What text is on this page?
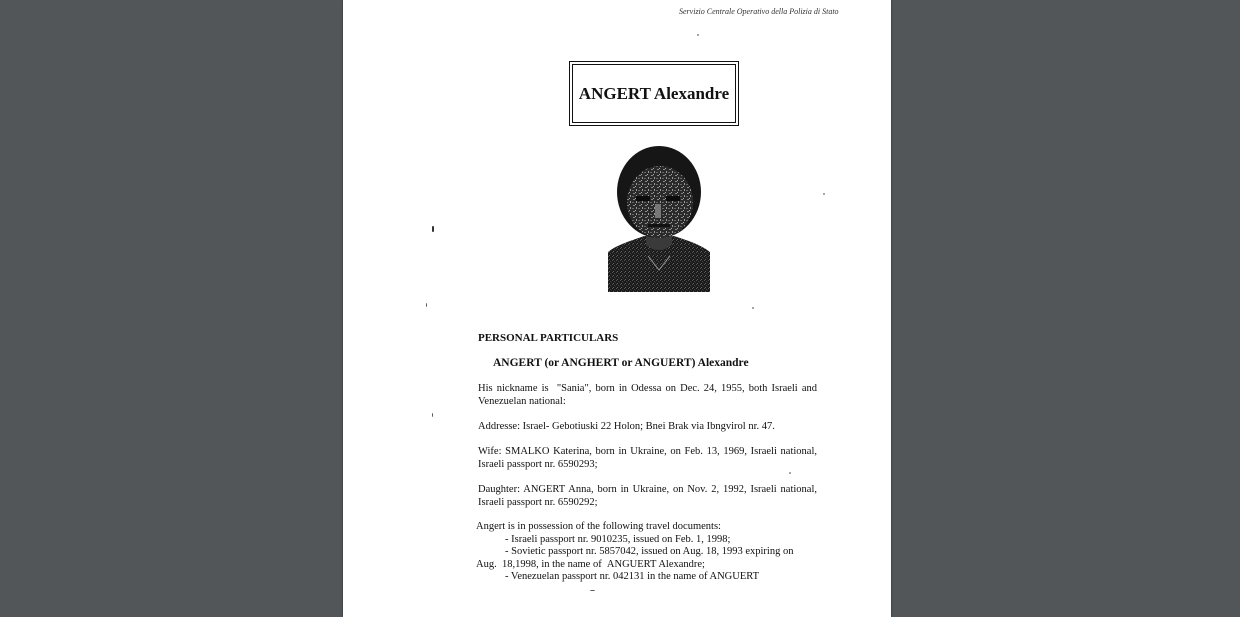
Servizio Centrale Operativo della Polizia di Stato
ANGERT Alexandre
PERSONAL PARTICULARS
ANGERT (or ANGHERT or ANGUERT) Alexandre
His nickname is  "Sania", born in Odessa on Dec. 24, 1955, both Israeli and Venezuelan national:
Addresse: Israel- Gebotiuski 22 Holon; Bnei Brak via Ibngvirol nr. 47.
Wife: SMALKO Katerina, born in Ukraine, on Feb. 13, 1969, Israeli national, Israeli passport nr. 6590293;
Daughter: ANGERT Anna, born in Ukraine, on Nov. 2, 1992, Israeli national, Israeli passport nr. 6590292;
Angert is in possession of the following travel documents:
- Israeli passport nr. 9010235, issued on Feb. 1, 1998;
- Sovietic passport nr. 5857042, issued on Aug. 18, 1993 expiring on
Aug.  18,1998, in the name of  ANGUERT Alexandre;
- Venezuelan passport nr. 042131 in the name of ANGUERT
